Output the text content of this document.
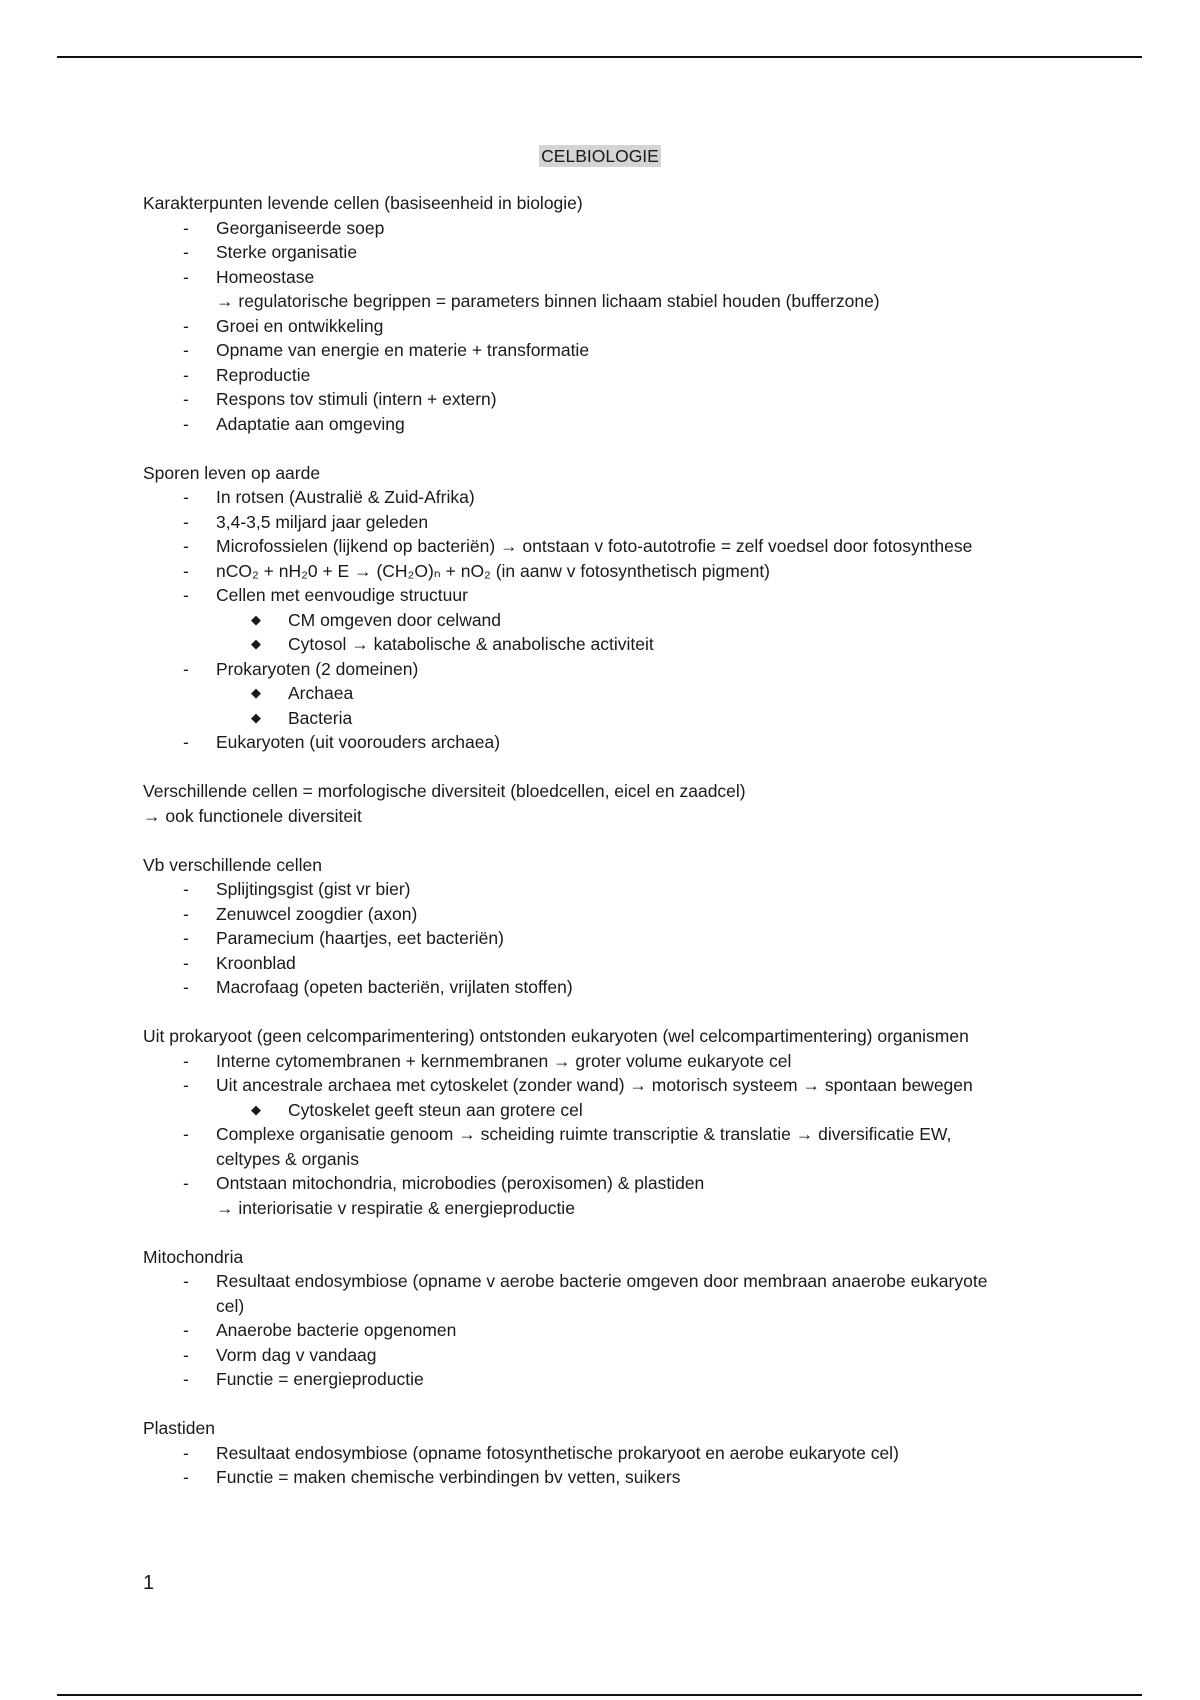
CELBIOLOGIE

Karakterpunten levende cellen (basiseenheid in biologie)

- Georganiseerde soep
- Sterke organisatie
- Homeostase
→ regulatorische begrippen = parameters binnen lichaam stabiel houden (bufferzone)
- Groei en ontwikkeling
- Opname van energie en materie + transformatie
- Reproductie
- Respons tov stimuli (intern + extern)
- Adaptatie aan omgeving

Sporen leven op aarde

- In rotsen (Australië & Zuid-Afrika)
- 3,4-3,5 miljard jaar geleden
- Microfossielen (lijkend op bacteriën) → ontstaan v foto-autotrofie = zelf voedsel door fotosynthese
- nCO₂ + nH₂0 + E → (CH₂O)ₙ + nO₂ (in aanw v fotosynthetisch pigment)
- Cellen met eenvoudige structuur
◆ CM omgeven door celwand
◆ Cytosol → katabolische & anabolische activiteit
- Prokaryoten (2 domeinen)
◆ Archaea
◆ Bacteria
- Eukaryoten (uit voorouders archaea)

Verschillende cellen = morfologische diversiteit (bloedcellen, eicel en zaadcel)

→ ook functionele diversiteit

Vb verschillende cellen

- Splijtingsgist (gist vr bier)
- Zenuwcel zoogdier (axon)
- Paramecium (haartjes, eet bacteriën)
- Kroonblad
- Macrofaag (opeten bacteriën, vrijlaten stoffen)

Uit prokaryoot (geen celcomparimentering) ontstonden eukaryoten (wel celcompartimentering) organismen

- Interne cytomembranen + kernmembranen → groter volume eukaryote cel
- Uit ancestrale archaea met cytoskelet (zonder wand) → motorisch systeem → spontaan bewegen
◆ Cytoskelet geeft steun aan grotere cel
- Complexe organisatie genoom → scheiding ruimte transcriptie & translatie → diversificatie EW,
celtypes & organis
- Ontstaan mitochondria, microbodies (peroxisomen) & plastiden
→ interiorisatie v respiratie & energieproductie

Mitochondria

- Resultaat endosymbiose (opname v aerobe bacterie omgeven door membraan anaerobe eukaryote
cel)
- Anaerobe bacterie opgenomen
- Vorm dag v vandaag
- Functie = energieproductie

Plastiden

- Resultaat endosymbiose (opname fotosynthetische prokaryoot en aerobe eukaryote cel)
- Functie = maken chemische verbindingen bv vetten, suikers
1
